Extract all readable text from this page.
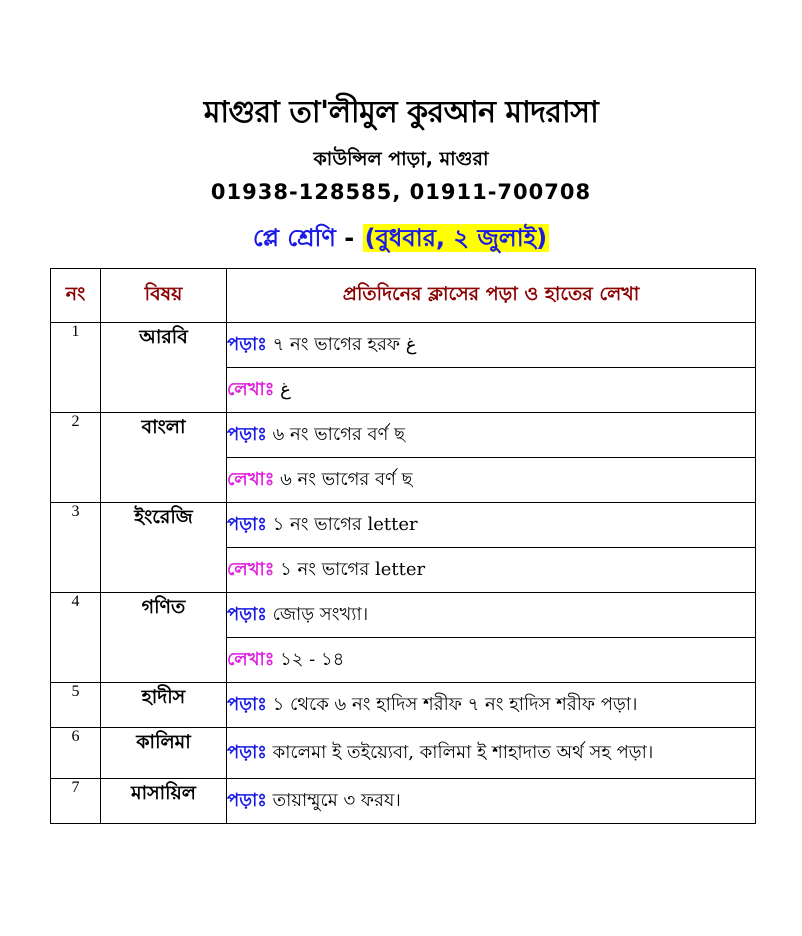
মাগুরা তা'লীমুল কুরআন মাদরাসা
কাউন্সিল পাড়া, মাগুরা
01938-128585, 01911-700708
প্লে শ্রেণি - (বুধবার, ২ জুলাই)
নং	বিষয়	প্রতিদিনের ক্লাসের পড়া ও হাতের লেখা
1	আরবি	পড়াঃ ৭ নং ভাগের হরফ غ
		লেখাঃ غ
2	বাংলা	পড়াঃ ৬ নং ভাগের বর্ণ ছ
		লেখাঃ ৬ নং ভাগের বর্ণ ছ
3	ইংরেজি	পড়াঃ ১ নং ভাগের letter
		লেখাঃ ১ নং ভাগের letter
4	গণিত	পড়াঃ জোড় সংখ্যা।
		লেখাঃ ১২ - ১৪
5	হাদীস	পড়াঃ ১ থেকে ৬ নং হাদিস শরীফ ৭ নং হাদিস শরীফ পড়া।
6	কালিমা	পড়াঃ কালেমা ই তইয়্যেবা, কালিমা ই শাহাদাত অর্থ সহ পড়া।
7	মাসায়িল	পড়াঃ তায়াম্মুমে ৩ ফরয।
